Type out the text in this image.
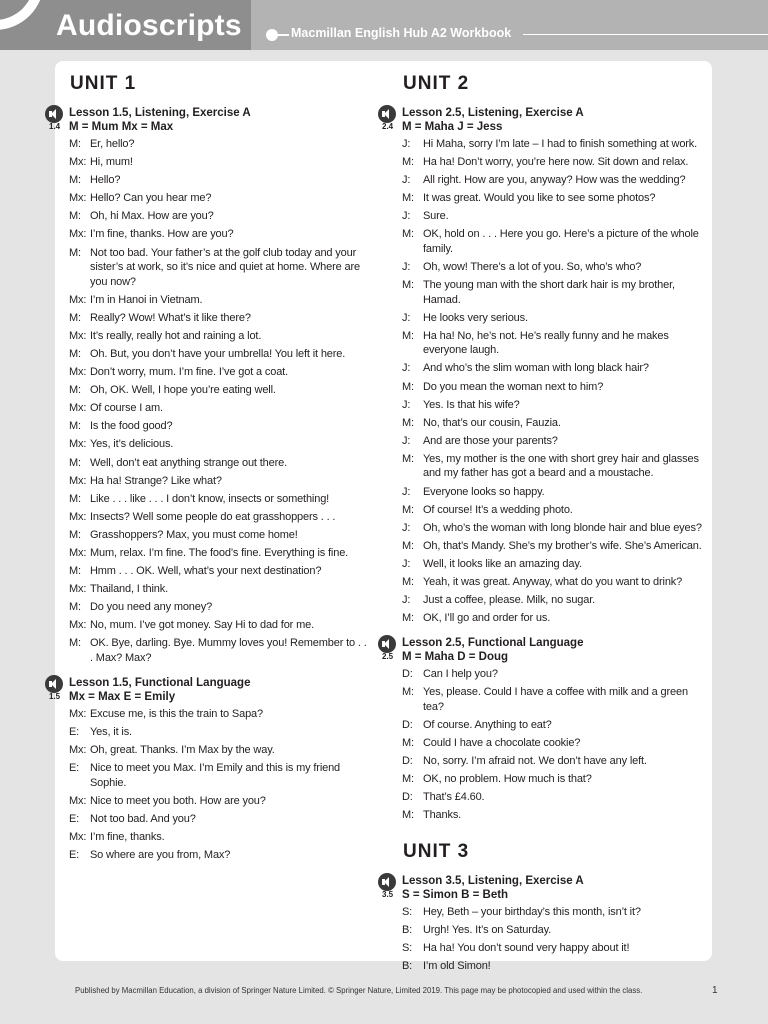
Audioscripts	Macmillan English Hub A2 Workbook
UNIT 1
1.4
Lesson 1.5, Listening, Exercise A
M = Mum Mx = Max
M: Er, hello?
Mx: Hi, mum!
M: Hello?
Mx: Hello? Can you hear me?
M: Oh, hi Max. How are you?
Mx: I’m fine, thanks. How are you?
M: Not too bad. Your father’s at the golf club today and your sister’s at work, so it’s nice and quiet at home. Where are you now?
Mx: I’m in Hanoi in Vietnam.
M: Really? Wow! What’s it like there?
Mx: It’s really, really hot and raining a lot.
M: Oh. But, you don’t have your umbrella! You left it here.
Mx: Don’t worry, mum. I’m fine. I’ve got a coat.
M: Oh, OK. Well, I hope you’re eating well.
Mx: Of course I am.
M: Is the food good?
Mx: Yes, it’s delicious.
M: Well, don’t eat anything strange out there.
Mx: Ha ha! Strange? Like what?
M: Like . . . like . . . I don’t know, insects or something!
Mx: Insects? Well some people do eat grasshoppers . . .
M: Grasshoppers? Max, you must come home!
Mx: Mum, relax. I’m fine. The food’s fine. Everything is fine.
M: Hmm . . . OK. Well, what’s your next destination?
Mx: Thailand, I think.
M: Do you need any money?
Mx: No, mum. I’ve got money. Say Hi to dad for me.
M: OK. Bye, darling. Bye. Mummy loves you! Remember to . . . Max? Max?
1.5
Lesson 1.5, Functional Language
Mx = Max E = Emily
Mx: Excuse me, is this the train to Sapa?
E: Yes, it is.
Mx: Oh, great. Thanks. I’m Max by the way.
E: Nice to meet you Max. I’m Emily and this is my friend Sophie.
Mx: Nice to meet you both. How are you?
E: Not too bad. And you?
Mx: I’m fine, thanks.
E: So where are you from, Max?
UNIT 2
2.4
Lesson 2.5, Listening, Exercise A
M = Maha J = Jess
J:	Hi Maha, sorry I’m late – I had to finish something at work.
M: Ha ha! Don’t worry, you’re here now. Sit down and relax.
J:	All right. How are you, anyway? How was the wedding?
M: It was great. Would you like to see some photos?
J:	Sure.
M: OK, hold on . . . Here you go. Here’s a picture of the whole family.
J:	Oh, wow! There’s a lot of you. So, who’s who?
M: The young man with the short dark hair is my brother, Hamad.
J:	He looks very serious.
M: Ha ha! No, he’s not. He’s really funny and he makes everyone laugh.
J:	And who’s the slim woman with long black hair?
M: Do you mean the woman next to him?
J:	Yes. Is that his wife?
M: No, that’s our cousin, Fauzia.
J:	And are those your parents?
M: Yes, my mother is the one with short grey hair and glasses and my father has got a beard and a moustache.
J:	Everyone looks so happy.
M: Of course! It’s a wedding photo.
J:	Oh, who’s the woman with long blonde hair and blue eyes?
M: Oh, that’s Mandy. She’s my brother’s wife. She’s American.
J:	Well, it looks like an amazing day.
M: Yeah, it was great. Anyway, what do you want to drink?
J:	Just a coffee, please. Milk, no sugar.
M: OK, I’ll go and order for us.
2.5
Lesson 2.5, Functional Language
M = Maha D = Doug
D: Can I help you?
M: Yes, please. Could I have a coffee with milk and a green tea?
D: Of course. Anything to eat?
M: Could I have a chocolate cookie?
D: No, sorry. I’m afraid not. We don’t have any left.
M: OK, no problem. How much is that?
D: That’s £4.60.
M: Thanks.
UNIT 3
3.5
Lesson 3.5, Listening, Exercise A
S = Simon B = Beth
S: Hey, Beth – your birthday’s this month, isn’t it?
B: Urgh! Yes. It’s on Saturday.
S: Ha ha! You don’t sound very happy about it!
B: I’m old Simon!
Published by Macmillan Education, a division of Springer Nature Limited. © Springer Nature, Limited 2019. This page may be photocopied and used within the class.	1
